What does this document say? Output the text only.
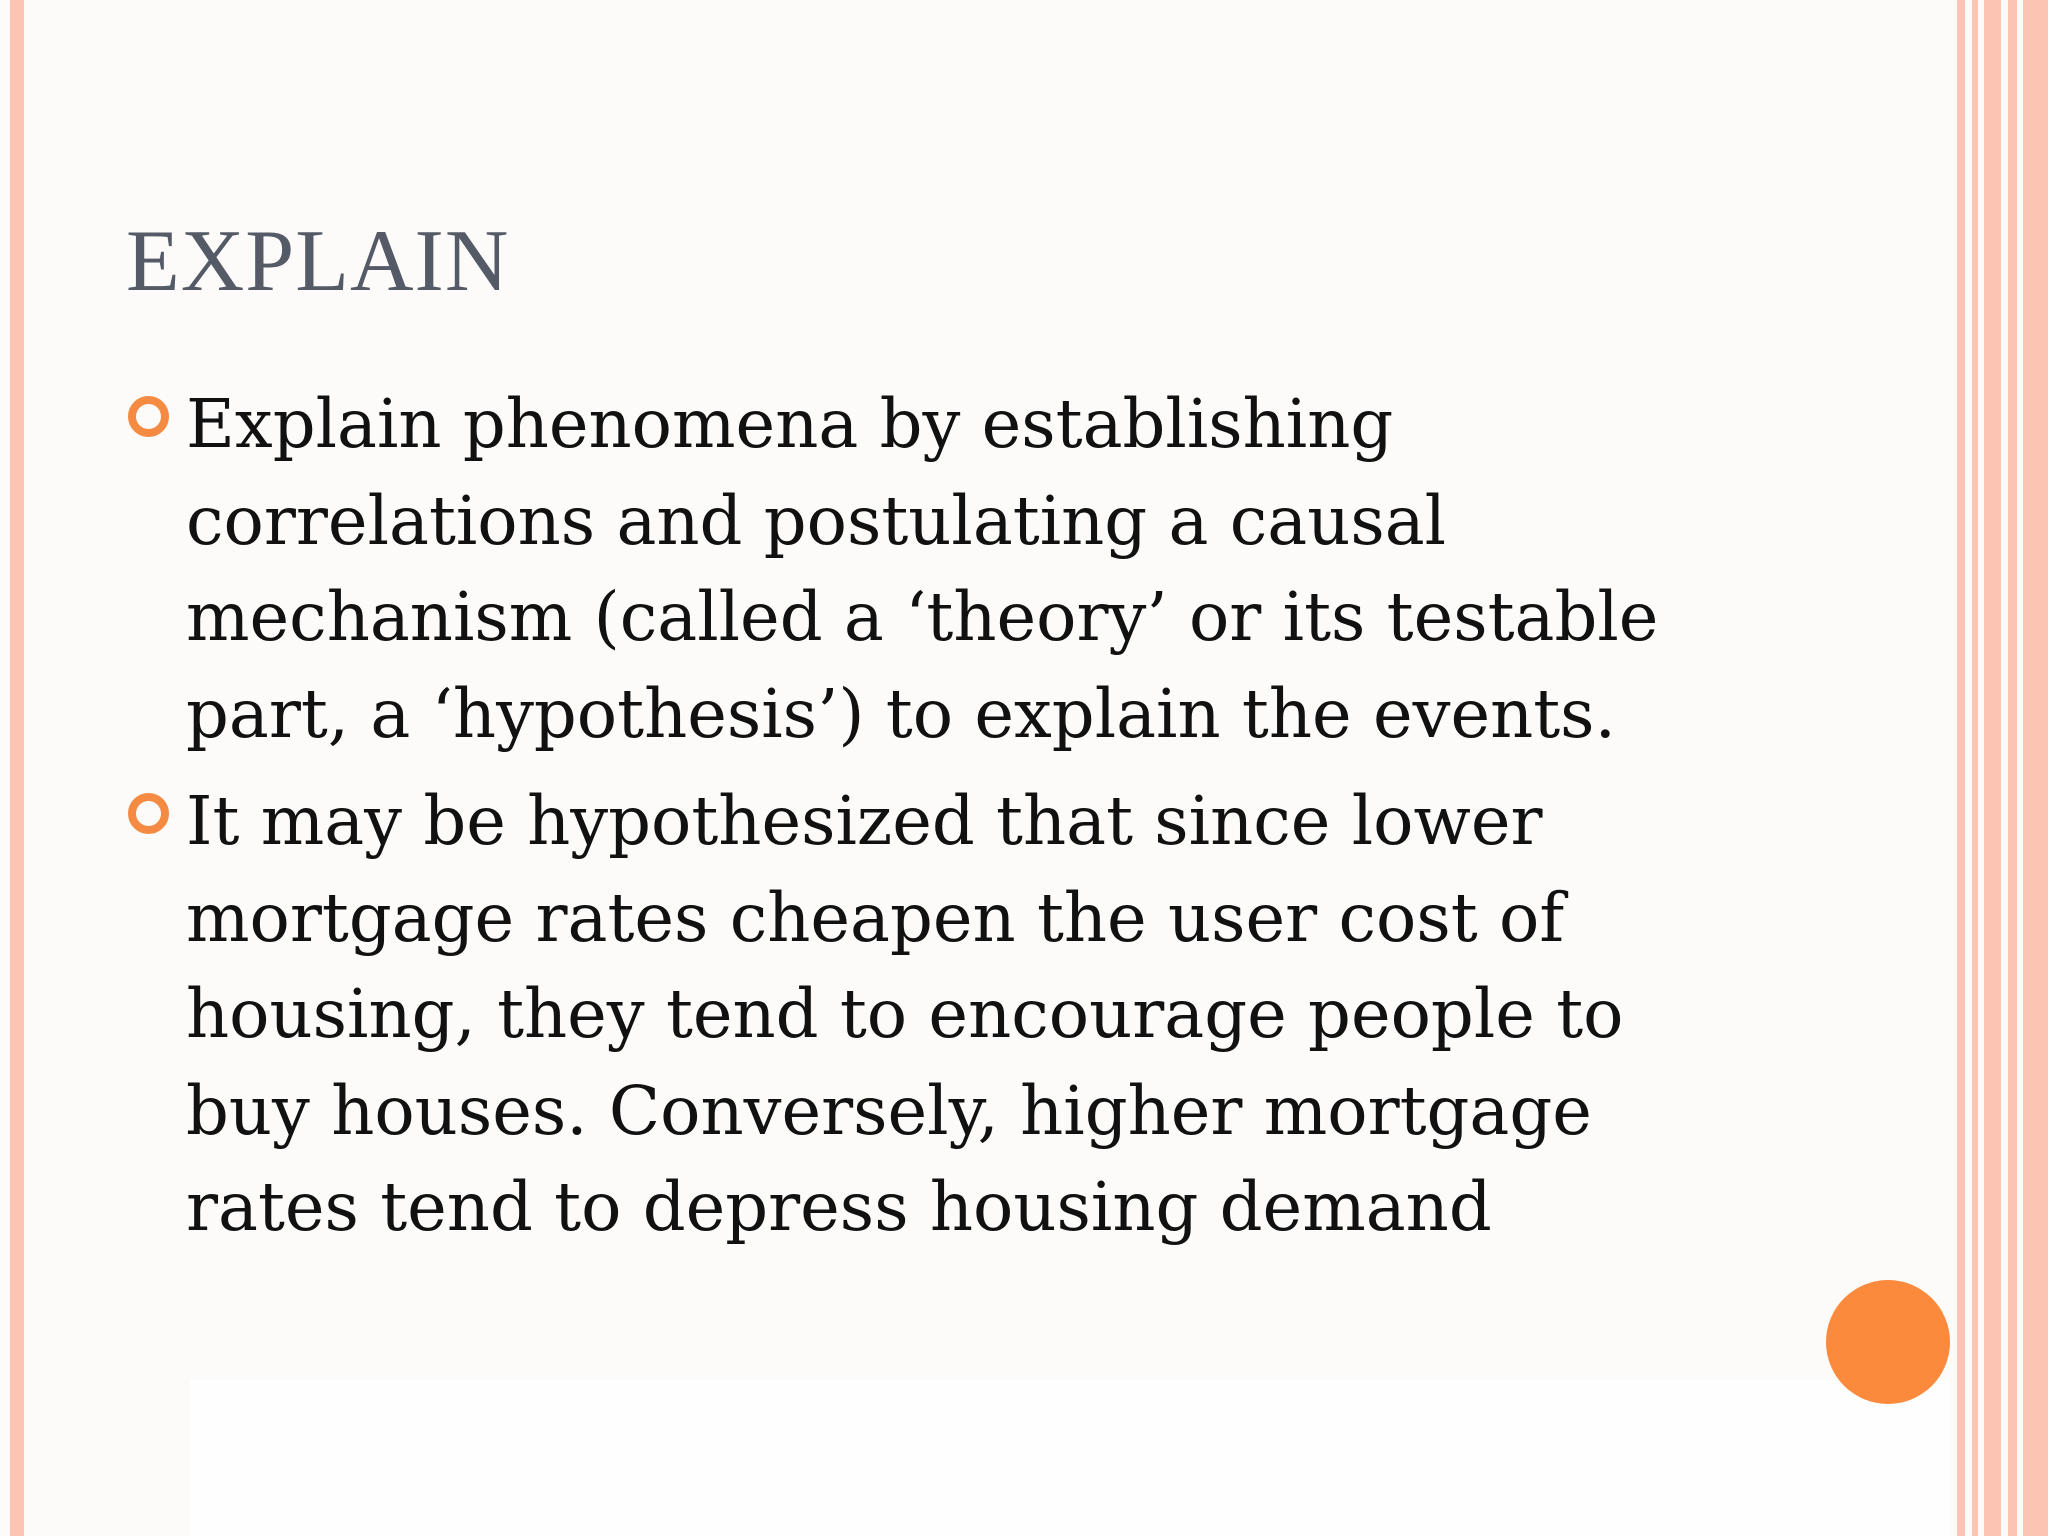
EXPLAIN
Explain phenomena by establishing
correlations and postulating a causal
mechanism (called a ‘theory’ or its testable
part, a ‘hypothesis’) to explain the events.
It may be hypothesized that since lower
mortgage rates cheapen the user cost of
housing, they tend to encourage people to
buy houses. Conversely, higher mortgage
rates tend to depress housing demand
